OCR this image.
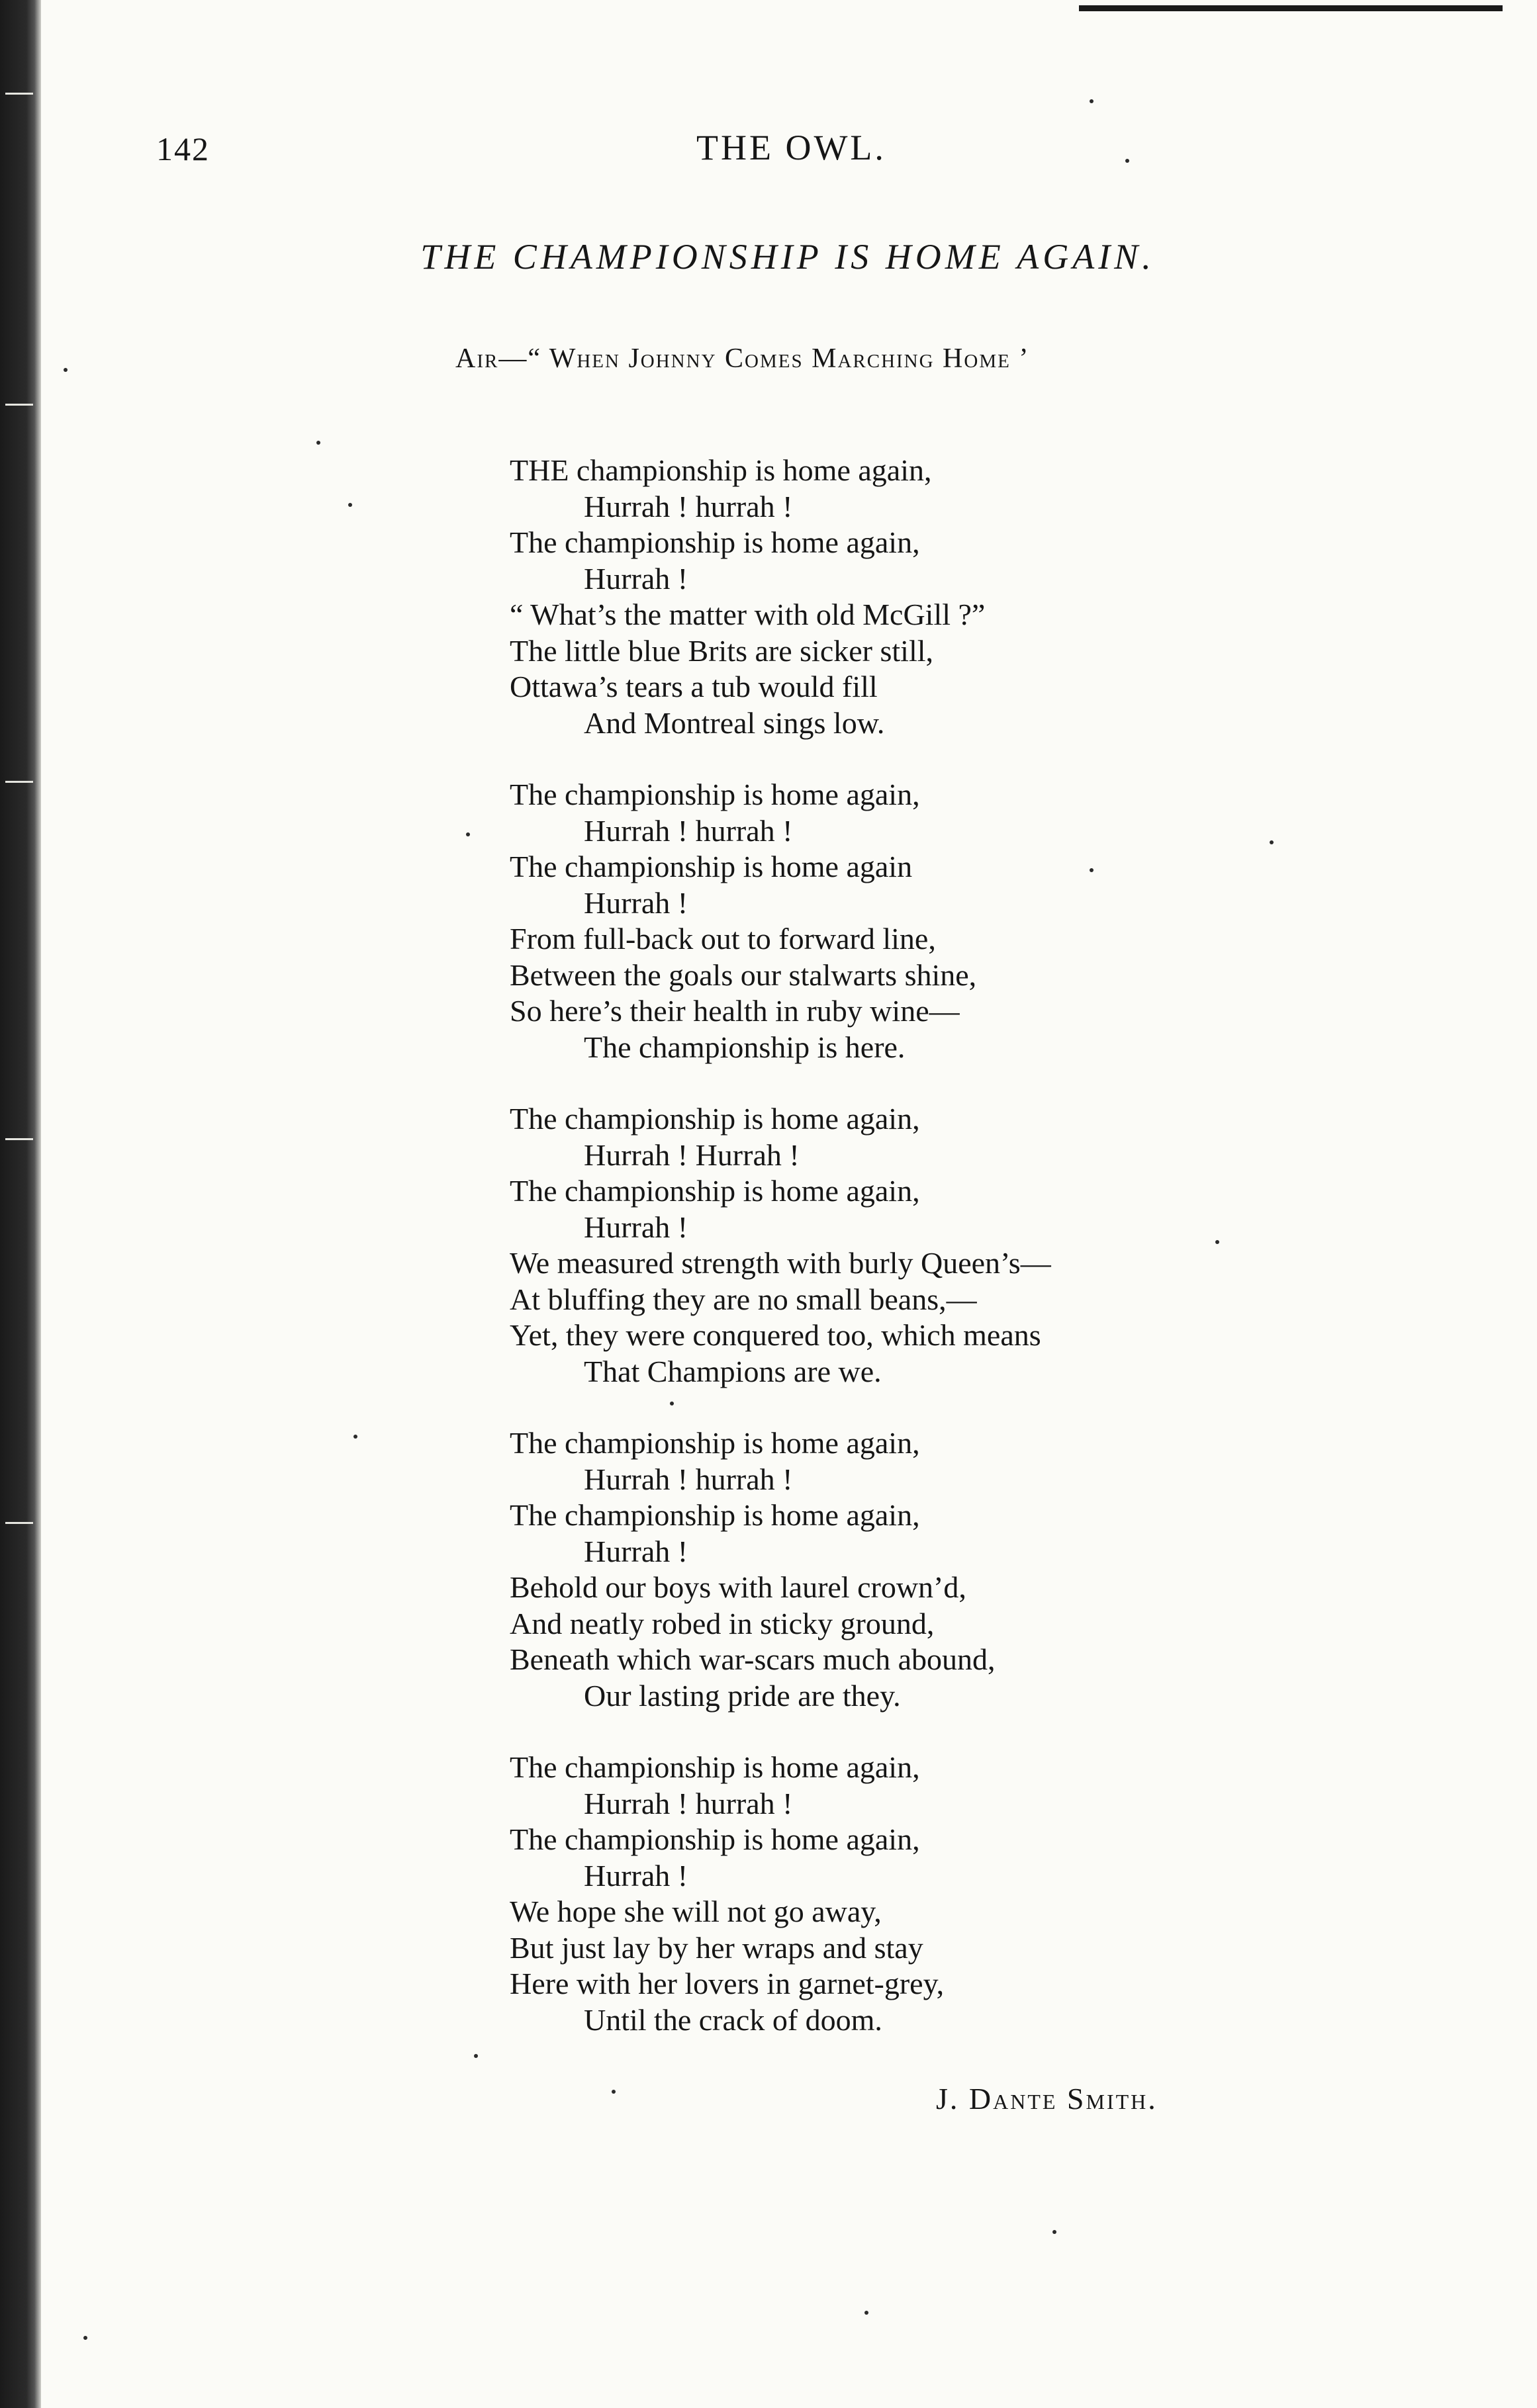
142	THE OWL.
THE CHAMPIONSHIP IS HOME AGAIN.
Air—“ When Johnny Comes Marching Home ’
THE championship is home again,
Hurrah ! hurrah !
The championship is home again,
Hurrah !
“ What’s the matter with old McGill ?”
The little blue Brits are sicker still,
Ottawa’s tears a tub would fill
And Montreal sings low.
The championship is home again,
Hurrah ! hurrah !
The championship is home again
Hurrah !
From full-back out to forward line,
Between the goals our stalwarts shine,
So here’s their health in ruby wine—
The championship is here.
The championship is home again,
Hurrah ! Hurrah !
The championship is home again,
Hurrah !
We measured strength with burly Queen’s—
At bluffing they are no small beans,—
Yet, they were conquered too, which means
That Champions are we.
The championship is home again,
Hurrah ! hurrah !
The championship is home again,
Hurrah !
Behold our boys with laurel crown’d,
And neatly robed in sticky ground,
Beneath which war-scars much abound,
Our lasting pride are they.
The championship is home again,
Hurrah ! hurrah !
The championship is home again,
Hurrah !
We hope she will not go away,
But just lay by her wraps and stay
Here with her lovers in garnet-grey,
Until the crack of doom.
J. Dante Smith.
